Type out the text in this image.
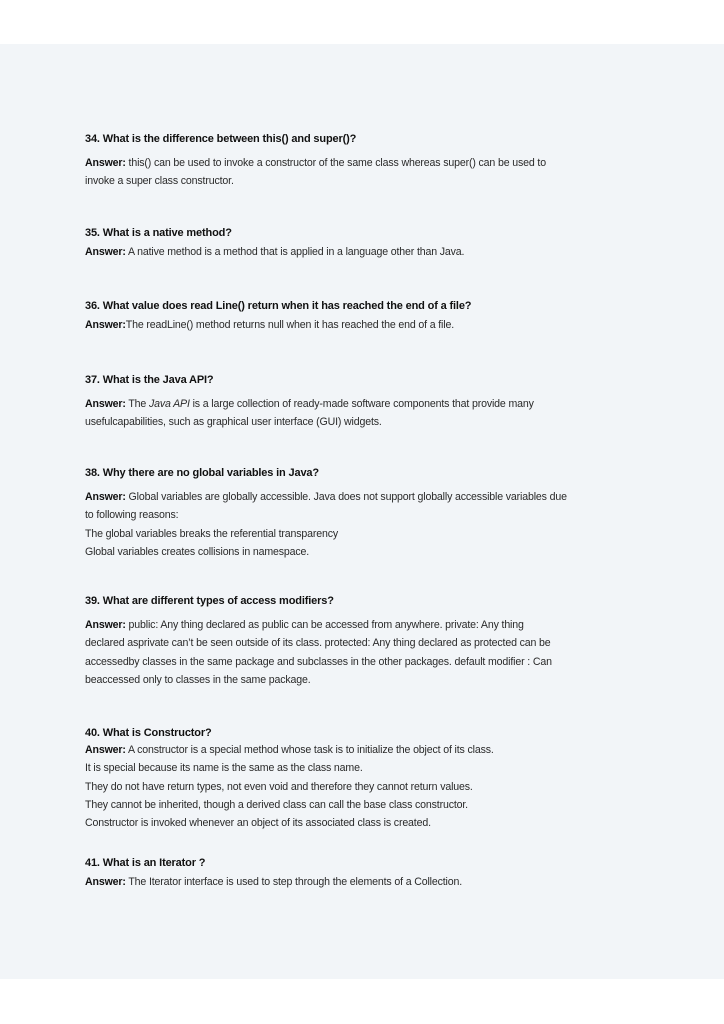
34. What is the difference between this() and super()?

Answer: this() can be used to invoke a constructor of the same class whereas super() can be used to
invoke a super class constructor.

35. What is a native method?

Answer: A native method is a method that is applied in a language other than Java.

36. What value does read Line() return when it has reached the end of a file?

Answer:The readLine() method returns null when it has reached the end of a file.

37. What is the Java API?

Answer: The Java API is a large collection of ready-made software components that provide many
usefulcapabilities, such as graphical user interface (GUI) widgets.

38. Why there are no global variables in Java?

Answer: Global variables are globally accessible. Java does not support globally accessible variables due
to following reasons:
The global variables breaks the referential transparency
Global variables creates collisions in namespace.

39. What are different types of access modifiers?

Answer: public: Any thing declared as public can be accessed from anywhere. private: Any thing
declared asprivate can’t be seen outside of its class. protected: Any thing declared as protected can be
accessedby classes in the same package and subclasses in the other packages. default modifier : Can
beaccessed only to classes in the same package.

40. What is Constructor?

Answer: A constructor is a special method whose task is to initialize the object of its class.
It is special because its name is the same as the class name.
They do not have return types, not even void and therefore they cannot return values.
They cannot be inherited, though a derived class can call the base class constructor.
Constructor is invoked whenever an object of its associated class is created.

41. What is an Iterator ?

Answer: The Iterator interface is used to step through the elements of a Collection.
